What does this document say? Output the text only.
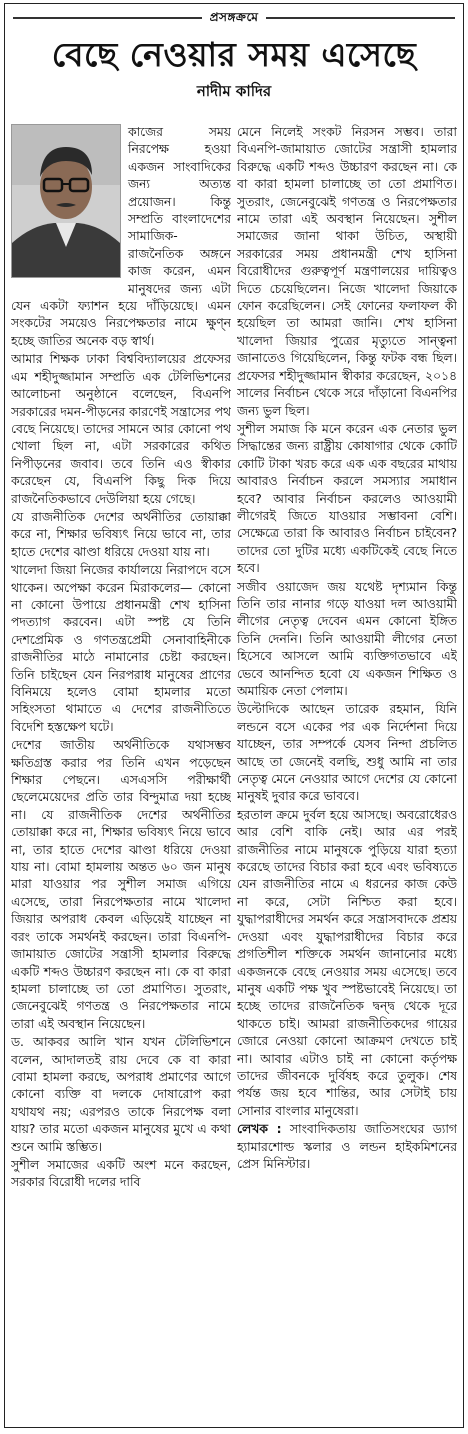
প্রসঙ্গক্রমে
বেছে নেওয়ার সময় এসেছে
নাদীম কাদির

কাজের সময় নিরপেক্ষ হওয়া একজন সাংবাদিকের জন্য অত্যন্ত প্রয়োজন। কিন্তু সম্প্রতি বাংলাদেশের সামাজিক-রাজনৈতিক অঙ্গনে কাজ করেন, এমন মানুষদের জন্য এটা যেন একটা ফ্যাশন হয়ে দাঁড়িয়েছে। এমন সংকটের সময়েও নিরপেক্ষতার নামে ক্ষুণ্ন হচ্ছে জাতির অনেক বড় স্বার্থ।

আমার শিক্ষক ঢাকা বিশ্ববিদ্যালয়ের প্রফেসর এম শহীদুজ্জামান সম্প্রতি এক টেলিভিশনের আলোচনা অনুষ্ঠানে বলেছেন, বিএনপি সরকারের দমন-পীড়নের কারণেই সন্ত্রাসের পথ বেছে নিয়েছে। তাদের সামনে আর কোনো পথ খোলা ছিল না, এটা সরকারের কথিত নিপীড়নের জবাব। তবে তিনি এও স্বীকার করেছেন যে, বিএনপি কিছু দিক দিয়ে রাজনৈতিকভাবে দেউলিয়া হয়ে গেছে।

যে রাজনীতিক দেশের অর্থনীতির তোয়াক্কা করে না, শিক্ষার ভবিষ্যৎ নিয়ে ভাবে না, তার হাতে দেশের ঝাণ্ডা ধরিয়ে দেওয়া যায় না।

খালেদা জিয়া নিজের কার্যালয়ে নিরাপদে বসে থাকেন। অপেক্ষা করেন মিরাকলের— কোনো না কোনো উপায়ে প্রধানমন্ত্রী শেখ হাসিনা পদত্যাগ করবেন। এটা স্পষ্ট যে তিনি দেশপ্রেমিক ও গণতন্ত্রপ্রেমী সেনাবাহিনীকে রাজনীতির মাঠে নামানোর চেষ্টা করছেন। তিনি চাইছেন যেন নিরপরাধ মানুষের প্রাণের বিনিময়ে হলেও বোমা হামলার মতো সহিংসতা থামাতে এ দেশের রাজনীতিতে বিদেশি হস্তক্ষেপ ঘটে।

দেশের জাতীয় অর্থনীতিকে যথাসম্ভব ক্ষতিগ্রস্ত করার পর তিনি এখন পড়েছেন শিক্ষার পেছনে। এসএসসি পরীক্ষার্থী ছেলেমেয়েদের প্রতি তার বিন্দুমাত্র দয়া হচ্ছে না। যে রাজনীতিক দেশের অর্থনীতির তোয়াক্কা করে না, শিক্ষার ভবিষ্যৎ নিয়ে ভাবে না, তার হাতে দেশের ঝাণ্ডা ধরিয়ে দেওয়া যায় না। বোমা হামলায় অন্তত ৬০ জন মানুষ মারা যাওয়ার পর সুশীল সমাজ এগিয়ে এসেছে, তারা নিরপেক্ষতার নামে খালেদা জিয়ার অপরাধ কেবল এড়িয়েই যাচ্ছেন না বরং তাকে সমর্থনই করছেন। তারা বিএনপি-জামায়াত জোটের সন্ত্রাসী হামলার বিরুদ্ধে একটি শব্দও উচ্চারণ করছেন না। কে বা কারা হামলা চালাচ্ছে তা তো প্রমাণিত। সুতরাং, জেনেবুঝেই গণতন্ত্র ও নিরপেক্ষতার নামে তারা এই অবস্থান নিয়েছেন।

ড. আকবর আলি খান যখন টেলিভিশনে বলেন, আদালতই রায় দেবে কে বা কারা বোমা হামলা করছে, অপরাধ প্রমাণের আগে কোনো ব্যক্তি বা দলকে দোষারোপ করা যথাযথ নয়; এরপরও তাকে নিরপেক্ষ বলা যায়? তার মতো একজন মানুষের মুখে এ কথা শুনে আমি স্তম্ভিত।

সুশীল সমাজের একটি অংশ মনে করছেন, সরকার বিরোধী দলের দাবি

মেনে নিলেই সংকট নিরসন সম্ভব। তারা বিএনপি-জামায়াত জোটের সন্ত্রাসী হামলার বিরুদ্ধে একটি শব্দও উচ্চারণ করছেন না। কে বা কারা হামলা চালাচ্ছে তা তো প্রমাণিত। সুতরাং, জেনেবুঝেই গণতন্ত্র ও নিরপেক্ষতার নামে তারা এই অবস্থান নিয়েছেন। সুশীল সমাজের জানা থাকা উচিত, অস্থায়ী সরকারের সময় প্রধানমন্ত্রী শেখ হাসিনা বিরোধীদের গুরুত্বপূর্ণ মন্ত্রণালয়ের দায়িত্বও দিতে চেয়েছিলেন। নিজে খালেদা জিয়াকে ফোন করেছিলেন। সেই ফোনের ফলাফল কী হয়েছিল তা আমরা জানি। শেখ হাসিনা খালেদা জিয়ার পুত্রের মৃত্যুতে সান্ত্বনা জানাতেও গিয়েছিলেন, কিন্তু ফটক বন্ধ ছিল। প্রফেসর শহীদুজ্জামান স্বীকার করেছেন, ২০১৪ সালের নির্বাচন থেকে সরে দাঁড়ানো বিএনপির জন্য ভুল ছিল।

সুশীল সমাজ কি মনে করেন এক নেতার ভুল সিদ্ধান্তের জন্য রাষ্ট্রীয় কোষাগার থেকে কোটি কোটি টাকা খরচ করে এক এক বছরের মাথায় আবারও নির্বাচন করলে সমস্যার সমাধান হবে? আবার নির্বাচন করলেও আওয়ামী লীগেরই জিতে যাওয়ার সম্ভাবনা বেশি। সেক্ষেত্রে তারা কি আবারও নির্বাচন চাইবেন? তাদের তো দুটির মধ্যে একটিকেই বেছে নিতে হবে।

সজীব ওয়াজেদ জয় যথেষ্ট দৃশ্যমান কিন্তু তিনি তার নানার গড়ে যাওয়া দল আওয়ামী লীগের নেতৃত্ব দেবেন এমন কোনো ইঙ্গিত তিনি দেননি। তিনি আওয়ামী লীগের নেতা হিসেবে আসলে আমি ব্যক্তিগতভাবে এই ভেবে আনন্দিত হবো যে একজন শিক্ষিত ও অমায়িক নেতা পেলাম।

উল্টোদিকে আছেন তারেক রহমান, যিনি লন্ডনে বসে একের পর এক নির্দেশনা দিয়ে যাচ্ছেন, তার সম্পর্কে যেসব নিন্দা প্রচলিত আছে তা জেনেই বলছি, শুধু আমি না তার নেতৃত্ব মেনে নেওয়ার আগে দেশের যে কোনো মানুষই দুবার করে ভাববে।

হরতাল ক্রমে দুর্বল হয়ে আসছে। অবরোধেরও আর বেশি বাকি নেই। আর এর পরই রাজনীতির নামে মানুষকে পুড়িয়ে যারা হত্যা করেছে তাদের বিচার করা হবে এবং ভবিষ্যতে যেন রাজনীতির নামে এ ধরনের কাজ কেউ না করে, সেটা নিশ্চিত করা হবে। যুদ্ধাপরাধীদের সমর্থন করে সন্ত্রাসবাদকে প্রশ্রয় দেওয়া এবং যুদ্ধাপরাধীদের বিচার করে প্রগতিশীল শক্তিকে সমর্থন জানানোর মধ্যে একজনকে বেছে নেওয়ার সময় এসেছে। তবে মানুষ একটি পক্ষ খুব স্পষ্টভাবেই নিয়েছে। তা হচ্ছে তাদের রাজনৈতিক দ্বন্দ্ব থেকে দূরে থাকতে চাই। আমরা রাজনীতিকদের গায়ের জোরে নেওয়া কোনো আক্রমণ দেখতে চাই না। আবার এটাও চাই না কোনো কর্তৃপক্ষ তাদের জীবনকে দুর্বিষহ করে তুলুক। শেষ পর্যন্ত জয় হবে শান্তির, আর সেটাই চায় সোনার বাংলার মানুষেরা।

লেখক : সাংবাদিকতায় জাতিসংঘের ড্যাগ হ্যামারশোল্ড স্কলার ও লন্ডন হাইকমিশনের প্রেস মিনিস্টার।
